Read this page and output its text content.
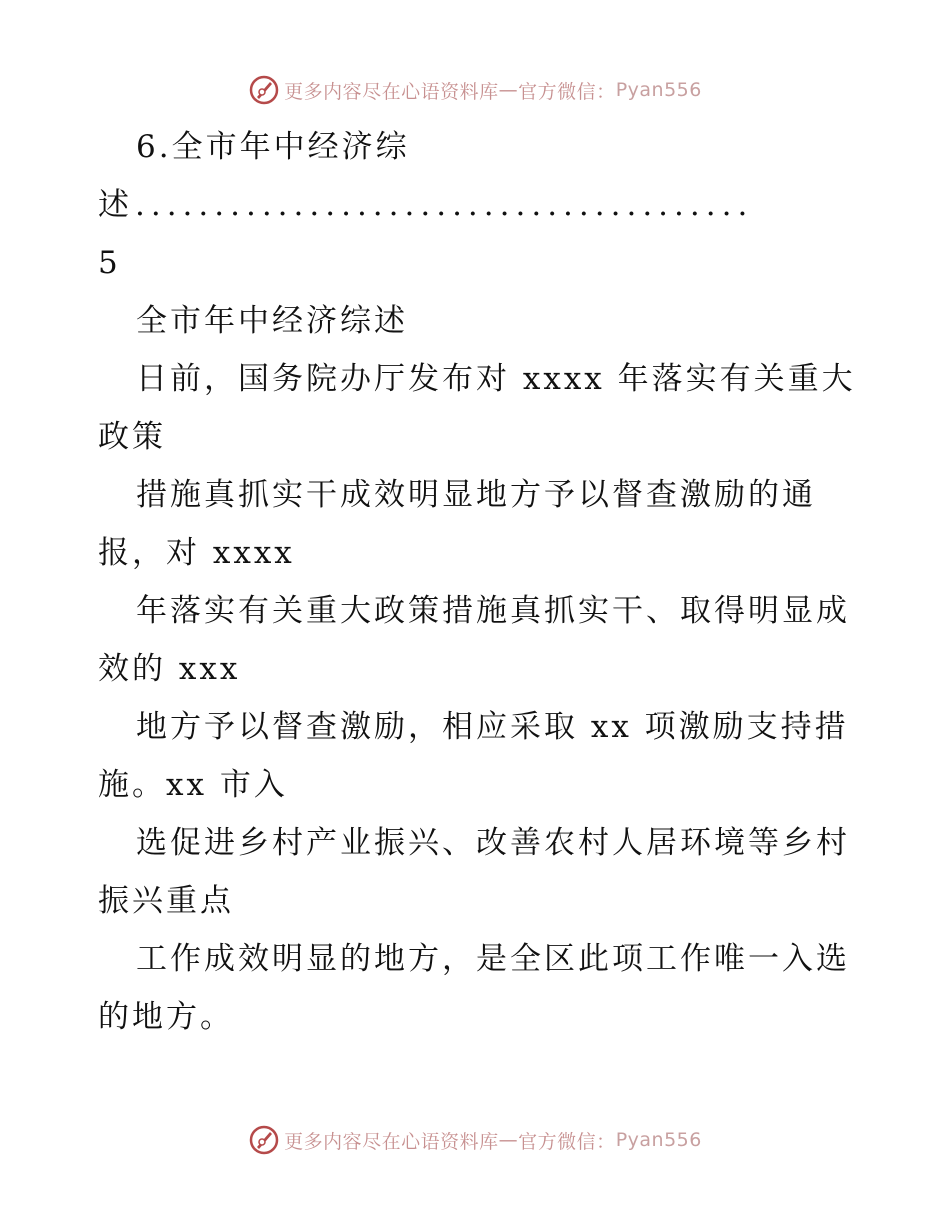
更多内容尽在心语资料库 — 官方微信： Pyan556
6.全市年中经济综
述.......................................
5
全市年中经济综述
日前，国务院办厅发布对 xxxx 年落实有关重大
政策
措施真抓实干成效明显地方予以督查激励的通
报，对 xxxx
年落实有关重大政策措施真抓实干、取得明显成
效的 xxx
地方予以督查激励，相应采取 xx 项激励支持措
施。xx 市入
选促进乡村产业振兴、改善农村人居环境等乡村
振兴重点
工作成效明显的地方，是全区此项工作唯一入选
的地方。
更多内容尽在心语资料库 — 官方微信： Pyan556
